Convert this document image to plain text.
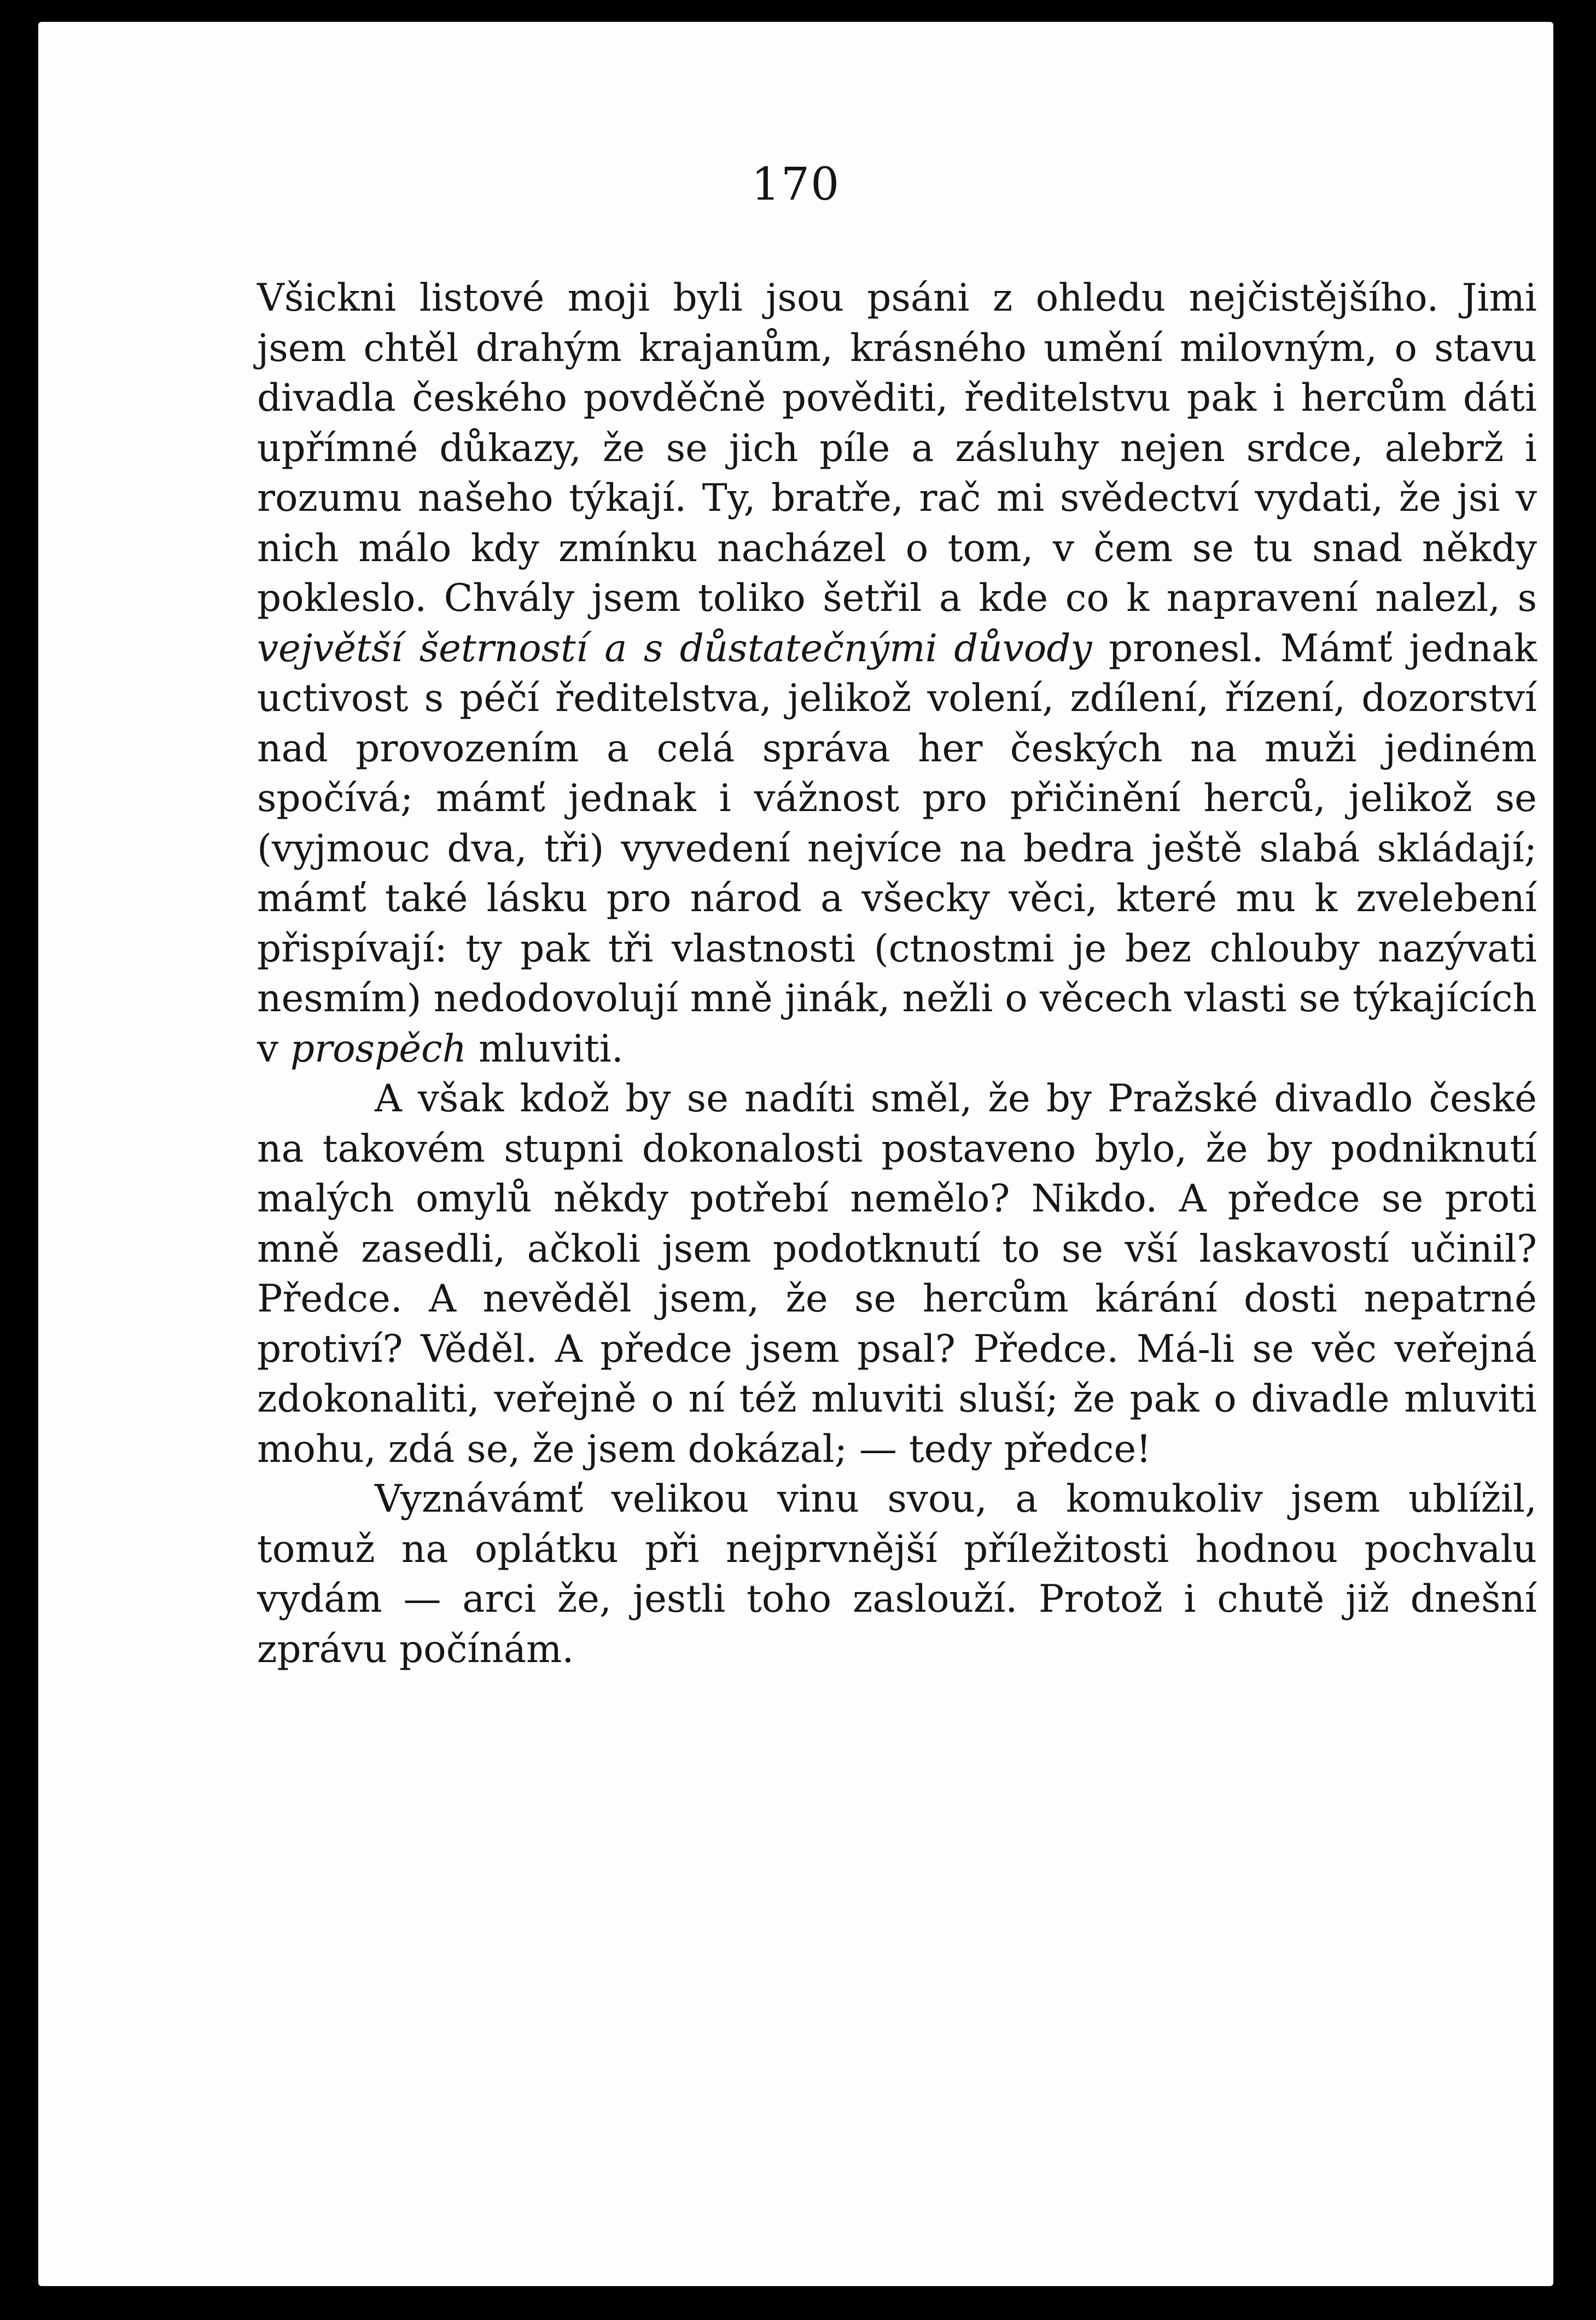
170

Všickni listové moji byli jsou psáni z ohledu nejčistějšího. Jimi jsem chtěl drahým krajanům, krásného umění milovným, o stavu divadla českého povděčně pověditi, ředitelstvu pak i hercům dáti upřímné důkazy, že se jich píle a zásluhy nejen srdce, alebrž i rozumu našeho týkají. Ty, bratře, rač mi svědectví vydati, že jsi v nich málo kdy zmínku nacházel o tom, v čem se tu snad někdy pokleslo. Chvály jsem toliko šetřil a kde co k napravení nalezl, s vejvětší šetrností a s důstatečnými důvody pronesl. Mámť jednak uctivost s péčí ředitelstva, jelikož volení, zdílení, řízení, dozorství nad provozením a celá správa her českých na muži jediném spočívá; mámť jednak i vážnost pro přičinění herců, jelikož se (vyjmouc dva, tři) vyvedení nejvíce na bedra ještě slabá skládají; mámť také lásku pro národ a všecky věci, které mu k zvelebení přispívají: ty pak tři vlastnosti (ctnostmi je bez chlouby nazývati nesmím) nedodovolují mně jinák, nežli o věcech vlasti se týkajících v prospěch mluviti.

A však kdož by se nadíti směl, že by Pražské divadlo české na takovém stupni dokonalosti postaveno bylo, že by podniknutí malých omylů někdy potřebí nemělo? Nikdo. A předce se proti mně zasedli, ačkoli jsem podotknutí to se vší laskavostí učinil? Předce. A nevěděl jsem, že se hercům kárání dosti nepatrné protiví? Věděl. A předce jsem psal? Předce. Má-li se věc veřejná zdokonaliti, veřejně o ní též mluviti sluší; že pak o divadle mluviti mohu, zdá se, že jsem dokázal; — tedy předce!

Vyznávámť velikou vinu svou, a komukoliv jsem ublížil, tomuž na oplátku při nejprvnější příležitosti hodnou pochvalu vydám — arci že, jestli toho zaslouží. Protož i chutě již dnešní zprávu počínám.
